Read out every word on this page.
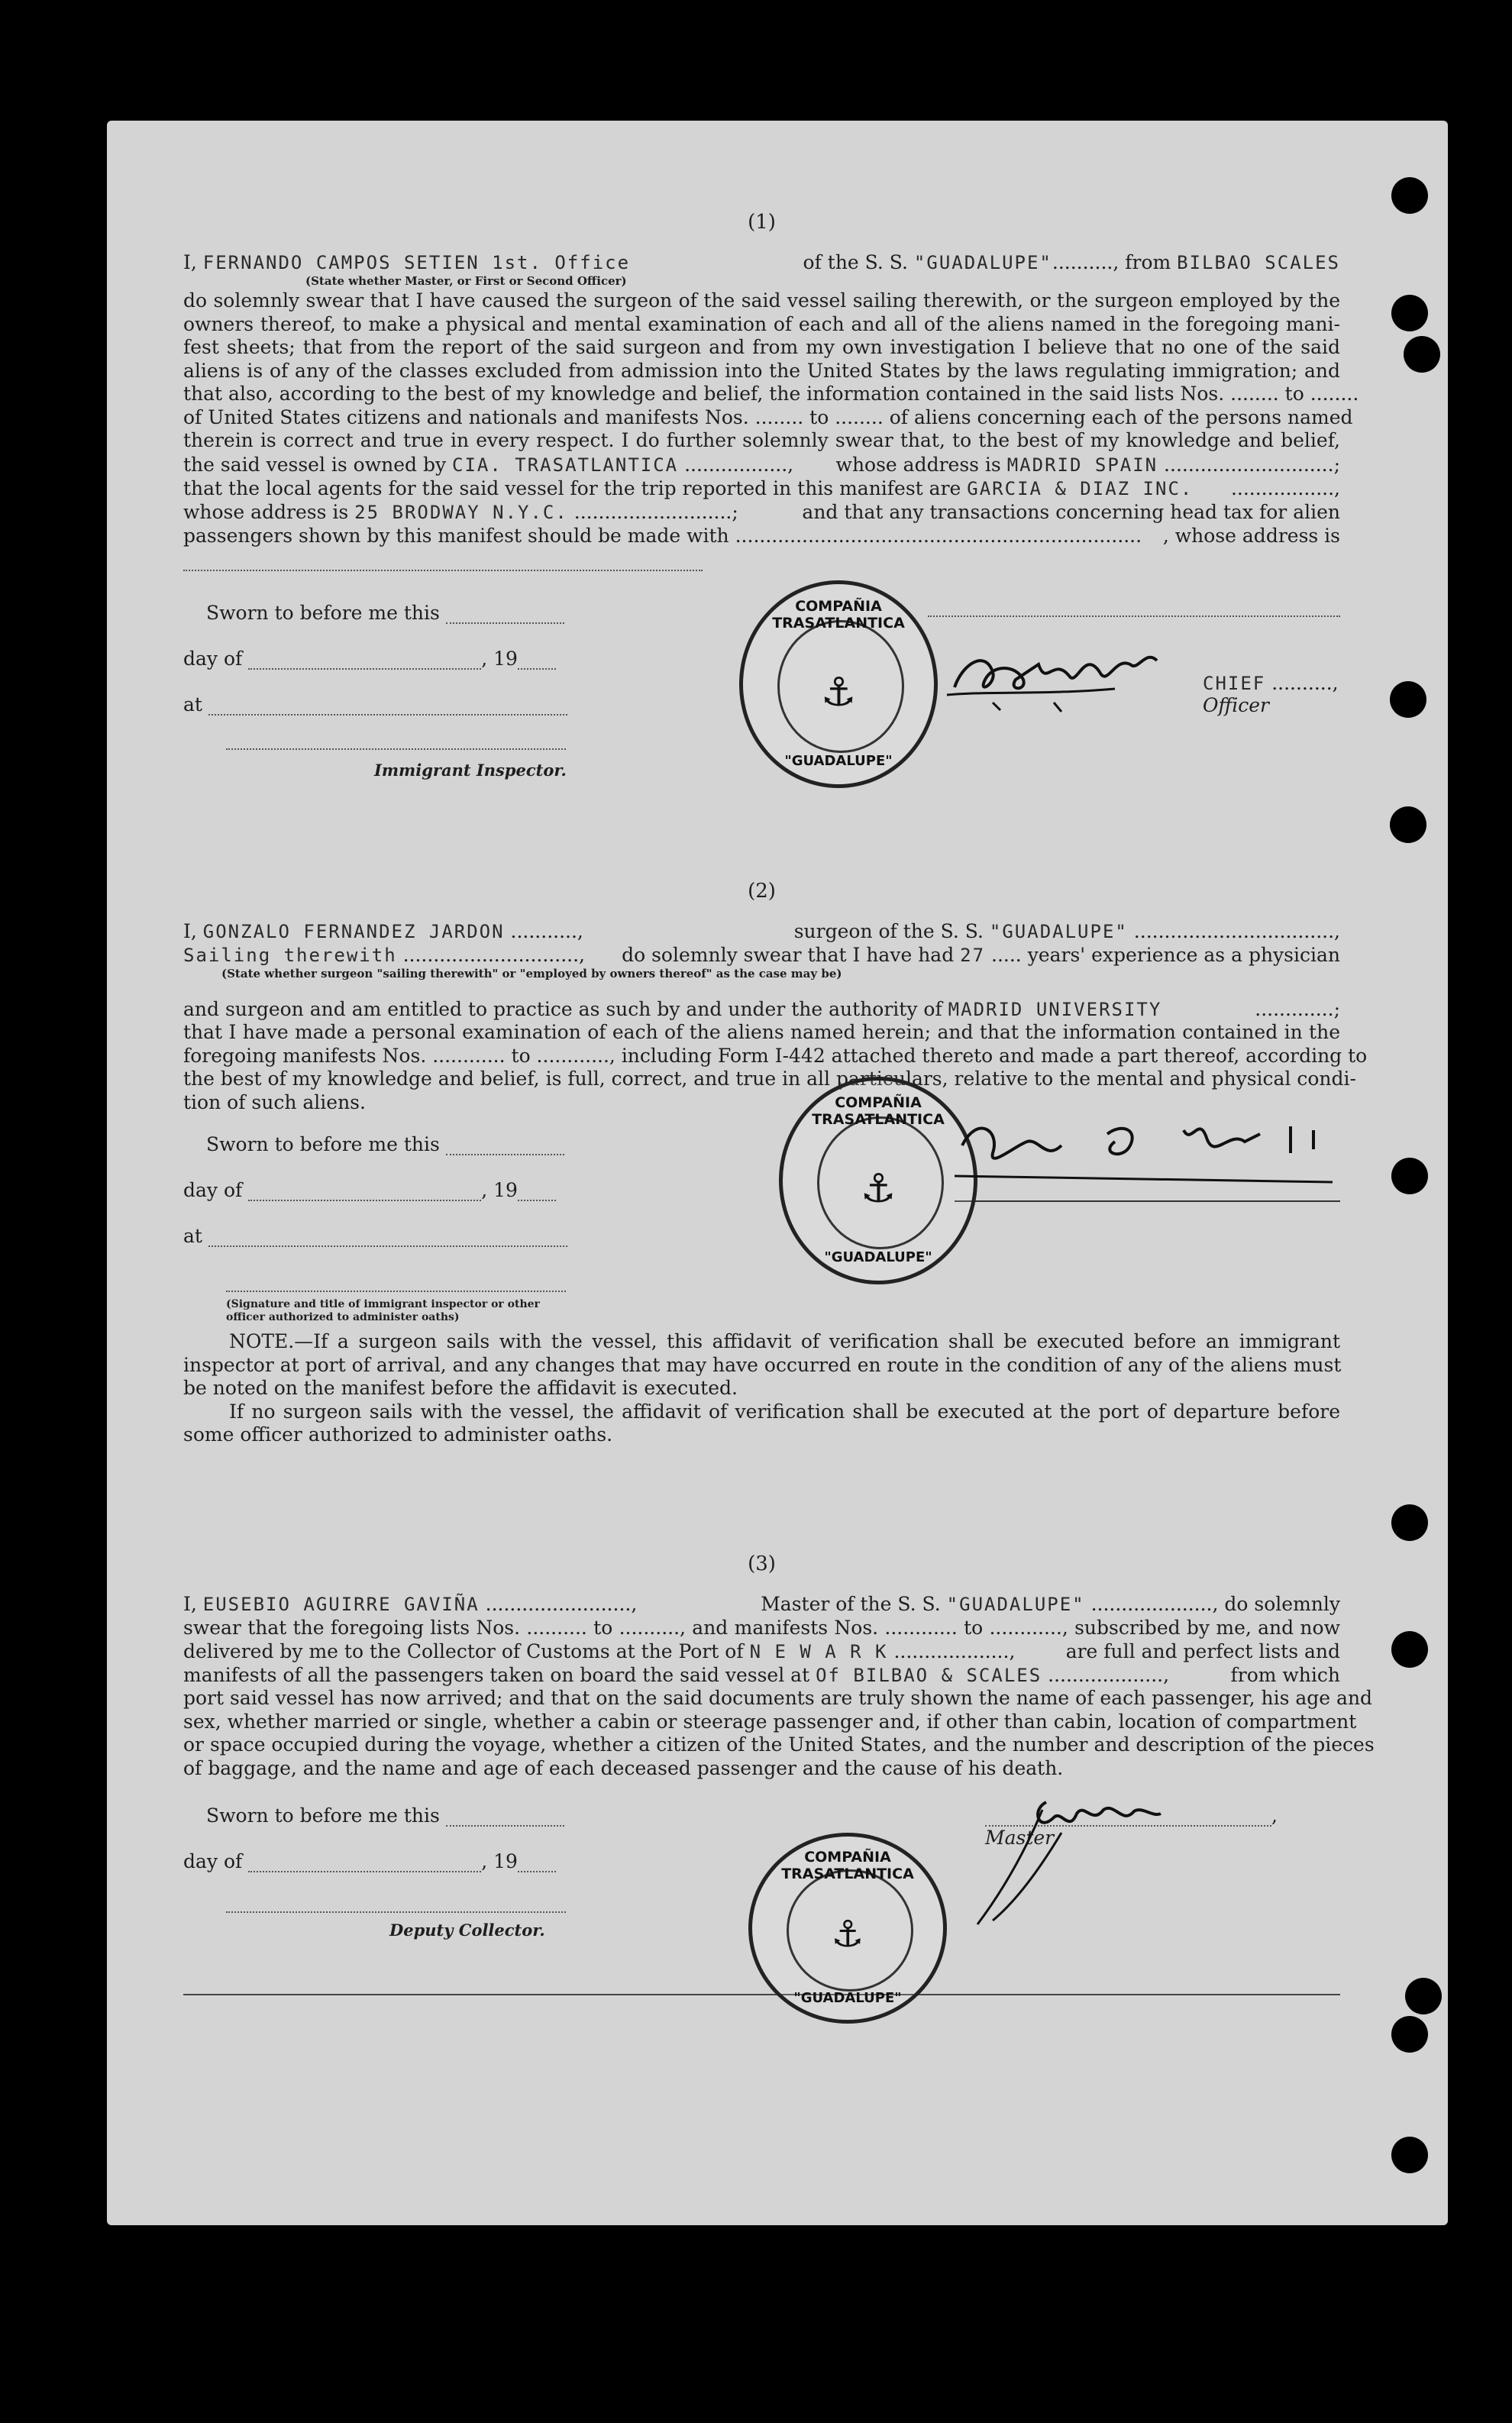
(1)
I, FERNANDO CAMPOS SETIEN 1st. Office	of the S. S. "GUADALUPE".........., from BILBAO SCALES
(State whether Master, or First or Second Officer)

do solemnly swear that I have caused the surgeon of the said vessel sailing therewith, or the surgeon employed by the

owners thereof, to make a physical and mental examination of each and all of the aliens named in the foregoing mani-

fest sheets; that from the report of the said surgeon and from my own investigation I believe that no one of the said

aliens is of any of the classes excluded from admission into the United States by the laws regulating immigration; and

that also, according to the best of my knowledge and belief, the information contained in the said lists Nos. ........ to ........

of United States citizens and nationals and manifests Nos. ........ to ........ of aliens concerning each of the persons named

therein is correct and true in every respect. I do further solemnly swear that, to the best of my knowledge and belief,

the said vessel is owned by CIA. TRASATLANTICA ................., whose address is MADRID SPAIN ............................;
that the local agents for the said vessel for the trip reported in this manifest are GARCIA & DIAZ INC. .................,
whose address is 25 BRODWAY N.Y.C. ..........................;	and that any transactions concerning head tax for alien
passengers shown by this manifest should be made with ................................................................... , whose address is
Sworn to before me this
day of	, 19
at
Immigrant Inspector.
CHIEF .........., Officer
COMPAÑIA TRASATLANTICA
⚓
"GUADALUPE"
(2)
I, GONZALO FERNANDEZ JARDON ...........,	surgeon of the S. S. "GUADALUPE" .................................,
Sailing therewith ............................., do solemnly swear that I have had 27 ..... years' experience as a physician
(State whether surgeon "sailing therewith" or "employed by owners thereof" as the case may be)
and surgeon and am entitled to practice as such by and under the authority of MADRID UNIVERSITY	.............;

that I have made a personal examination of each of the aliens named herein; and that the information contained in the

foregoing manifests Nos. ............ to ............, including Form I-442 attached thereto and made a part thereof, according to

the best of my knowledge and belief, is full, correct, and true in all particulars, relative to the mental and physical condi-

tion of such aliens.

Sworn to before me this
day of	, 19
at
(Signature and title of immigrant inspector or other officer authorized to administer oaths)

NOTE.—If a surgeon sails with the vessel, this affidavit of verification shall be executed before an immigrant

inspector at port of arrival, and any changes that may have occurred en route in the condition of any of the aliens must

be noted on the manifest before the affidavit is executed.

If no surgeon sails with the vessel, the affidavit of verification shall be executed at the port of departure before

some officer authorized to administer oaths.

COMPAÑIA TRASATLANTICA
⚓
"GUADALUPE"
(3)
I, EUSEBIO AGUIRRE GAVIÑA ........................,	Master of the S. S. "GUADALUPE" ...................., do solemnly
swear that the foregoing lists Nos. .......... to .........., and manifests Nos. ............ to ............, subscribed by me, and now
delivered by me to the Collector of Customs at the Port of N E W A R K ...................,	are full and perfect lists and
manifests of all the passengers taken on board the said vessel at Of BILBAO & SCALES ...................,	from which

port said vessel has now arrived; and that on the said documents are truly shown the name of each passenger, his age and

sex, whether married or single, whether a cabin or steerage passenger and, if other than cabin, location of compartment

or space occupied during the voyage, whether a citizen of the United States, and the number and description of the pieces

of baggage, and the name and age of each deceased passenger and the cause of his death.

Sworn to before me this
day of	, 19
Deputy Collector.
, Master
COMPAÑIA TRASATLANTICA
⚓
"GUADALUPE"
